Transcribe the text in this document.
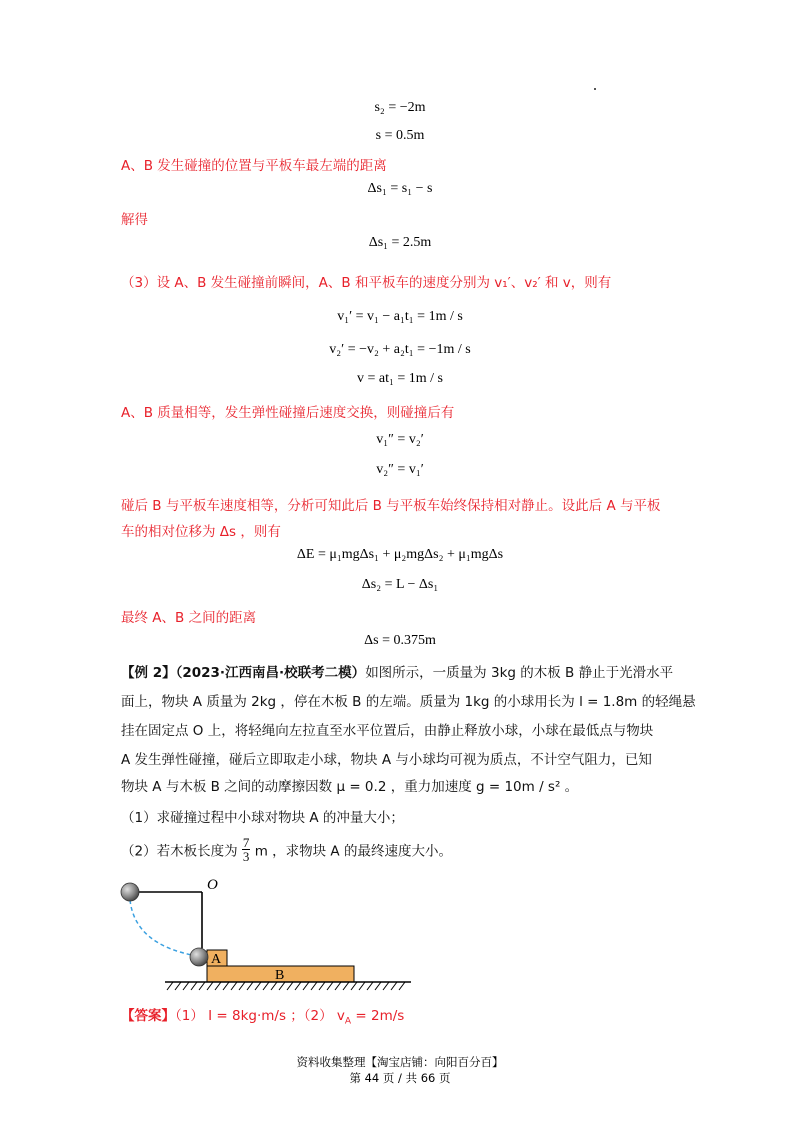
s₂ = −2m
s = 0.5m
A、B 发生碰撞的位置与平板车最左端的距离
Δs₁ = s₁ − s
解得
Δs₁ = 2.5m
（3）设 A、B 发生碰撞前瞬间，A、B 和平板车的速度分别为 v₁′、v₂′ 和 v，则有
v₁′ = v₁ − a₁t₁ = 1m / s
v₂′ = −v₂ + a₂t₁ = −1m / s
v = at₁ = 1m / s
A、B 质量相等，发生弹性碰撞后速度交换，则碰撞后有
v₁″ = v₂′
v₂″ = v₁′
碰后 B 与平板车速度相等，分析可知此后 B 与平板车始终保持相对静止。设此后 A 与平板
车的相对位移为 Δs ，则有
ΔE = μ₁mgΔs₁ + μ₂mgΔs₂ + μ₁mgΔs
Δs₂ = L − Δs₁
最终 A、B 之间的距离
Δs = 0.375m
【例 2】（2023·江西南昌·校联考二模）如图所示，一质量为 3kg 的木板 B 静止于光滑水平
面上，物块 A 质量为 2kg ，停在木板 B 的左端。质量为 1kg 的小球用长为 l = 1.8m 的轻绳悬
挂在固定点 O 上，将轻绳向左拉直至水平位置后，由静止释放小球，小球在最低点与物块
A 发生弹性碰撞，碰后立即取走小球，物块 A 与小球均可视为质点，不计空气阻力，已知
物块 A 与木板 B 之间的动摩擦因数 μ = 0.2 ，重力加速度 g = 10m / s² 。
（1）求碰撞过程中小球对物块 A 的冲量大小；
（2）若木板长度为 $\frac{7}{3}$ m ，求物块 A 的最终速度大小。
O
A
B
【答案】（1） I = 8kg·m/s ；（2） $v_A = 2m/s$
资料收集整理【淘宝店铺：向阳百分百】
第 44 页 / 共 66 页
